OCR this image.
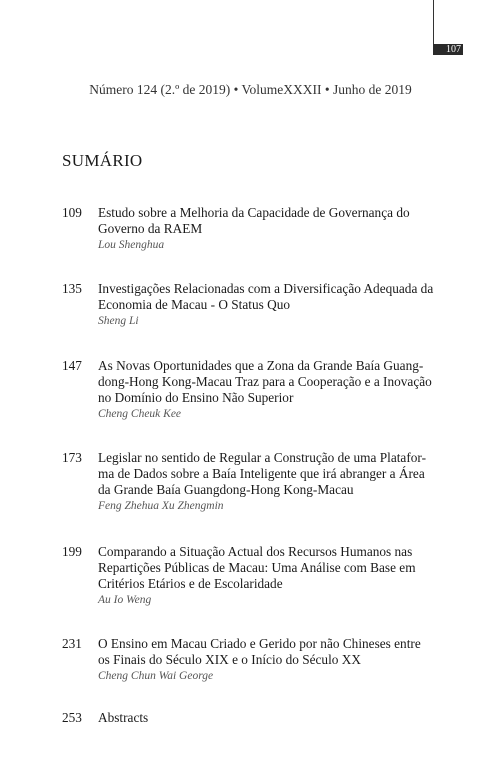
107
Número 124 (2.º de 2019) • VolumeXXXII • Junho de 2019
SUMÁRIO
109 Estudo sobre a Melhoria da Capacidade de Governança do
Governo da RAEM
Lou Shenghua
135 Investigações Relacionadas com a Diversificação Adequada da
Economia de Macau - O Status Quo
Sheng Li
147 As Novas Oportunidades que a Zona da Grande Baía Guang-
dong-Hong Kong-Macau Traz para a Cooperação e a Inovação
no Domínio do Ensino Não Superior
Cheng Cheuk Kee
173 Legislar no sentido de Regular a Construção de uma Platafor-
ma de Dados sobre a Baía Inteligente que irá abranger a Área
da Grande Baía Guangdong-Hong Kong-Macau
Feng Zhehua Xu Zhengmin
199 Comparando a Situação Actual dos Recursos Humanos nas
Repartições Públicas de Macau: Uma Análise com Base em
Critérios Etários e de Escolaridade
Au Io Weng
231 O Ensino em Macau Criado e Gerido por não Chineses entre
os Finais do Século XIX e o Início do Século XX
Cheng Chun Wai George
253 Abstracts
